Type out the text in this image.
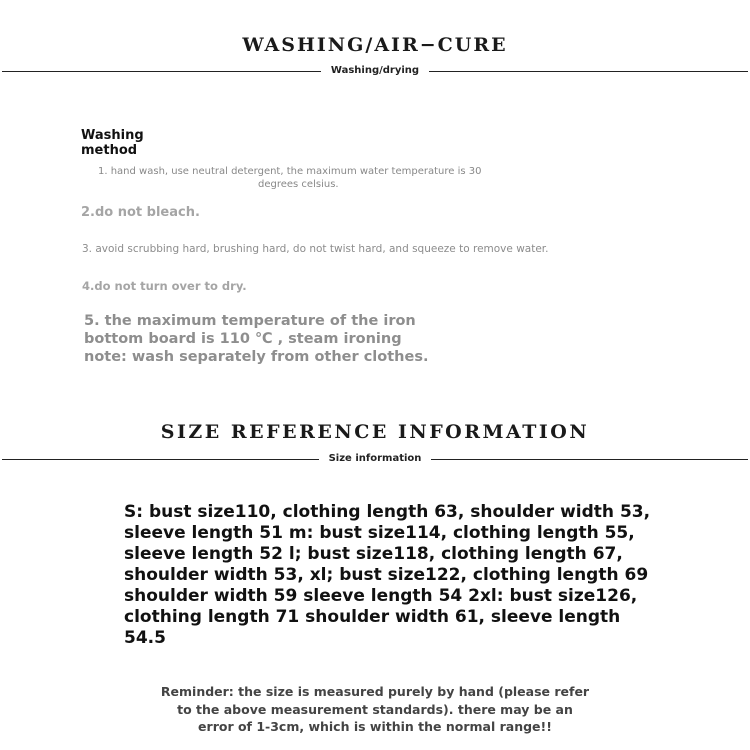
WASHING/AIR−CURE
Washing/drying
Washing
method
1. hand wash, use neutral detergent, the maximum water temperature is 30
degrees celsius.
2.do not bleach.
3. avoid scrubbing hard, brushing hard, do not twist hard, and squeeze to remove water.
4.do not turn over to dry.
5. the maximum temperature of the iron
bottom board is 110 ℃ , steam ironing
note: wash separately from other clothes.
SIZE REFERENCE INFORMATION
Size information
S: bust size110, clothing length 63, shoulder width 53, sleeve length 51 m: bust size114, clothing length 55, sleeve length 52 l; bust size118, clothing length 67, shoulder width 53, xl; bust size122, clothing length 69 shoulder width 59 sleeve length 54 2xl: bust size126, clothing length 71 shoulder width 61, sleeve length 54.5
Reminder: the size is measured purely by hand (please refer to the above measurement standards). there may be an error of 1-3cm, which is within the normal range!!
